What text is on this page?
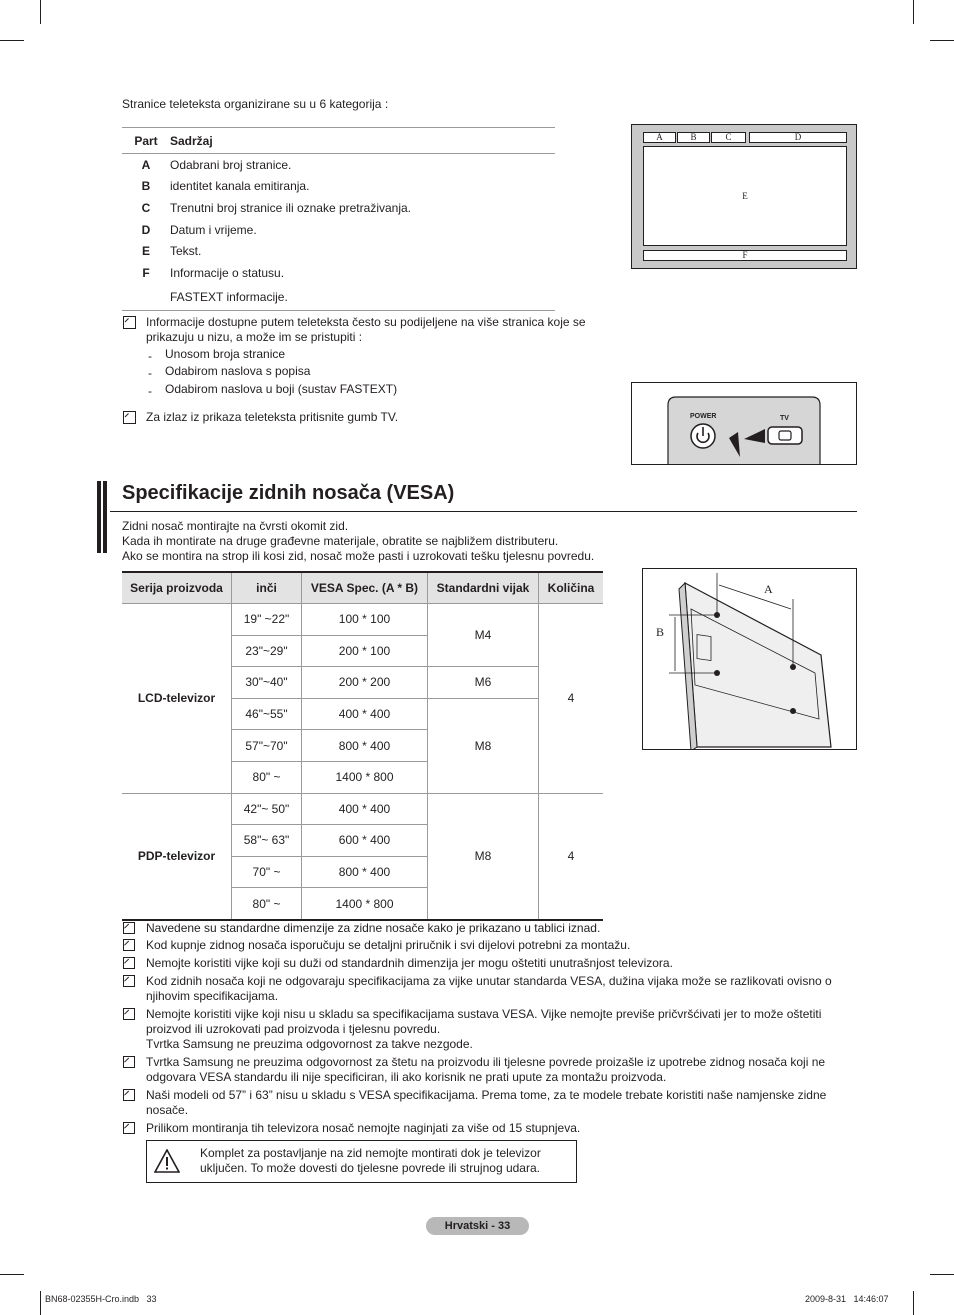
Stranice teleteksta organizirane su u 6 kategorija :
Part	Sadržaj
A	Odabrani broj stranice.
B	identitet kanala emitiranja.
C	Trenutni broj stranice ili oznake pretraživanja.
D	Datum i vrijeme.
E	Tekst.
F	Informacije o statusu.
	FASTEXT informacije.
A	B	C	D
E
F
Informacije dostupne putem teleteksta često su podijeljene na više stranica koje se prikazuju u nizu, a može im se pristupiti :
- Unosom broja stranice
- Odabirom naslova s popisa
- Odabirom naslova u boji (sustav FASTEXT)
Za izlaz iz prikaza teleteksta pritisnite gumb TV.	POWER	TV
Specifikacije zidnih nosača (VESA)
Zidni nosač montirajte na čvrsti okomit zid.
Kada ih montirate na druge građevne materijale, obratite se najbližem distributeru.
Ako se montira na strop ili kosi zid, nosač može pasti i uzrokovati tešku tjelesnu povredu.
Serija proizvoda	inči	VESA Spec. (A * B)	Standardni vijak	Količina
LCD-televizor	19" ~22"	100 * 100	M4	4
	23"~29"	200 * 100		
	30"~40"	200 * 200	M6	
	46"~55"	400 * 400	M8	
	57"~70"	800 * 400		
	80" ~	1400 * 800		
PDP-televizor	42"~ 50"	400 * 400	M8	4
	58"~ 63"	600 * 400		
	70" ~	800 * 400		
	80" ~	1400 * 800		
A
B
Navedene su standardne dimenzije za zidne nosače kako je prikazano u tablici iznad.
Kod kupnje zidnog nosača isporučuju se detaljni priručnik i svi dijelovi potrebni za montažu.
Nemojte koristiti vijke koji su duži od standardnih dimenzija jer mogu oštetiti unutrašnjost televizora.
Kod zidnih nosača koji ne odgovaraju specifikacijama za vijke unutar standarda VESA, dužina vijaka može se razlikovati ovisno o njihovim specifikacijama.
Nemojte koristiti vijke koji nisu u skladu sa specifikacijama sustava VESA. Vijke nemojte previše pričvršćivati jer to može oštetiti proizvod ili uzrokovati pad proizvoda i tjelesnu povredu.
Tvrtka Samsung ne preuzima odgovornost za takve nezgode.
Tvrtka Samsung ne preuzima odgovornost za štetu na proizvodu ili tjelesne povrede proizašle iz upotrebe zidnog nosača koji ne odgovara VESA standardu ili nije specificiran, ili ako korisnik ne prati upute za montažu proizvoda.
Naši modeli od 57” i 63” nisu u skladu s VESA specifikacijama. Prema tome, za te modele trebate koristiti naše namjenske zidne nosače.
Prilikom montiranja tih televizora nosač nemojte naginjati za više od 15 stupnjeva.
Komplet za postavljanje na zid nemojte montirati dok je televizor uključen. To može dovesti do tjelesne povrede ili strujnog udara.
Hrvatski - 33
BN68-02355H-Cro.indb   33	2009-8-31   14:46:07
